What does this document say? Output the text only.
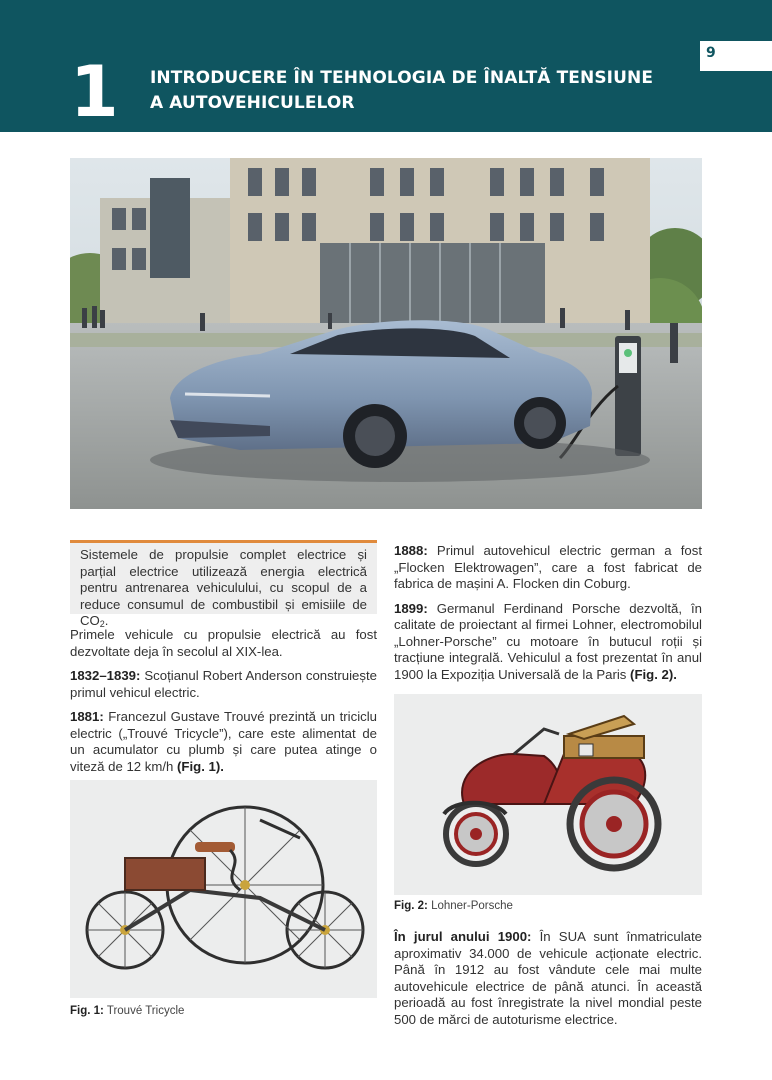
1 INTRODUCERE ÎN TEHNOLOGIA DE ÎNALTĂ TENSIUNE
A AUTOVEHICULELOR
9
Sistemele de propulsie complet electrice și parțial electrice utilizează energia electrică pentru antrenarea vehiculului, cu scopul de a reduce consumul de combustibil și emisiile de $CO_2$.

Primele vehicule cu propulsie electrică au fost dezvoltate deja în secolul al XIX-lea.

1832–1839: Scoțianul Robert Anderson construiește primul vehicul electric.

1881: Francezul Gustave Trouvé prezintă un triciclu electric („Trouvé Tricycle”), care este alimentat de un acumulator cu plumb și care putea atinge o viteză de 12 km/h (Fig. 1).

1888: Primul autovehicul electric german a fost „Flocken Elektrowagen”, care a fost fabricat de fabrica de mașini A. Flocken din Coburg.

1899: Germanul Ferdinand Porsche dezvoltă, în calitate de proiectant al firmei Lohner, electromobilul „Lohner-Porsche” cu motoare în butucul roții și tracțiune integrală. Vehiculul a fost prezentat în anul 1900 la Expoziția Universală de la Paris (Fig. 2).

În jurul anului 1900: În SUA sunt înmatriculate aproximativ 34.000 de vehicule acționate electric. Până în 1912 au fost vândute cele mai multe autovehicule electrice de până atunci. În această perioadă au fost înregistrate la nivel mondial peste 500 de mărci de autoturisme electrice.

Fig. 1: Trouvé Tricycle
Fig. 2: Lohner-Porsche
